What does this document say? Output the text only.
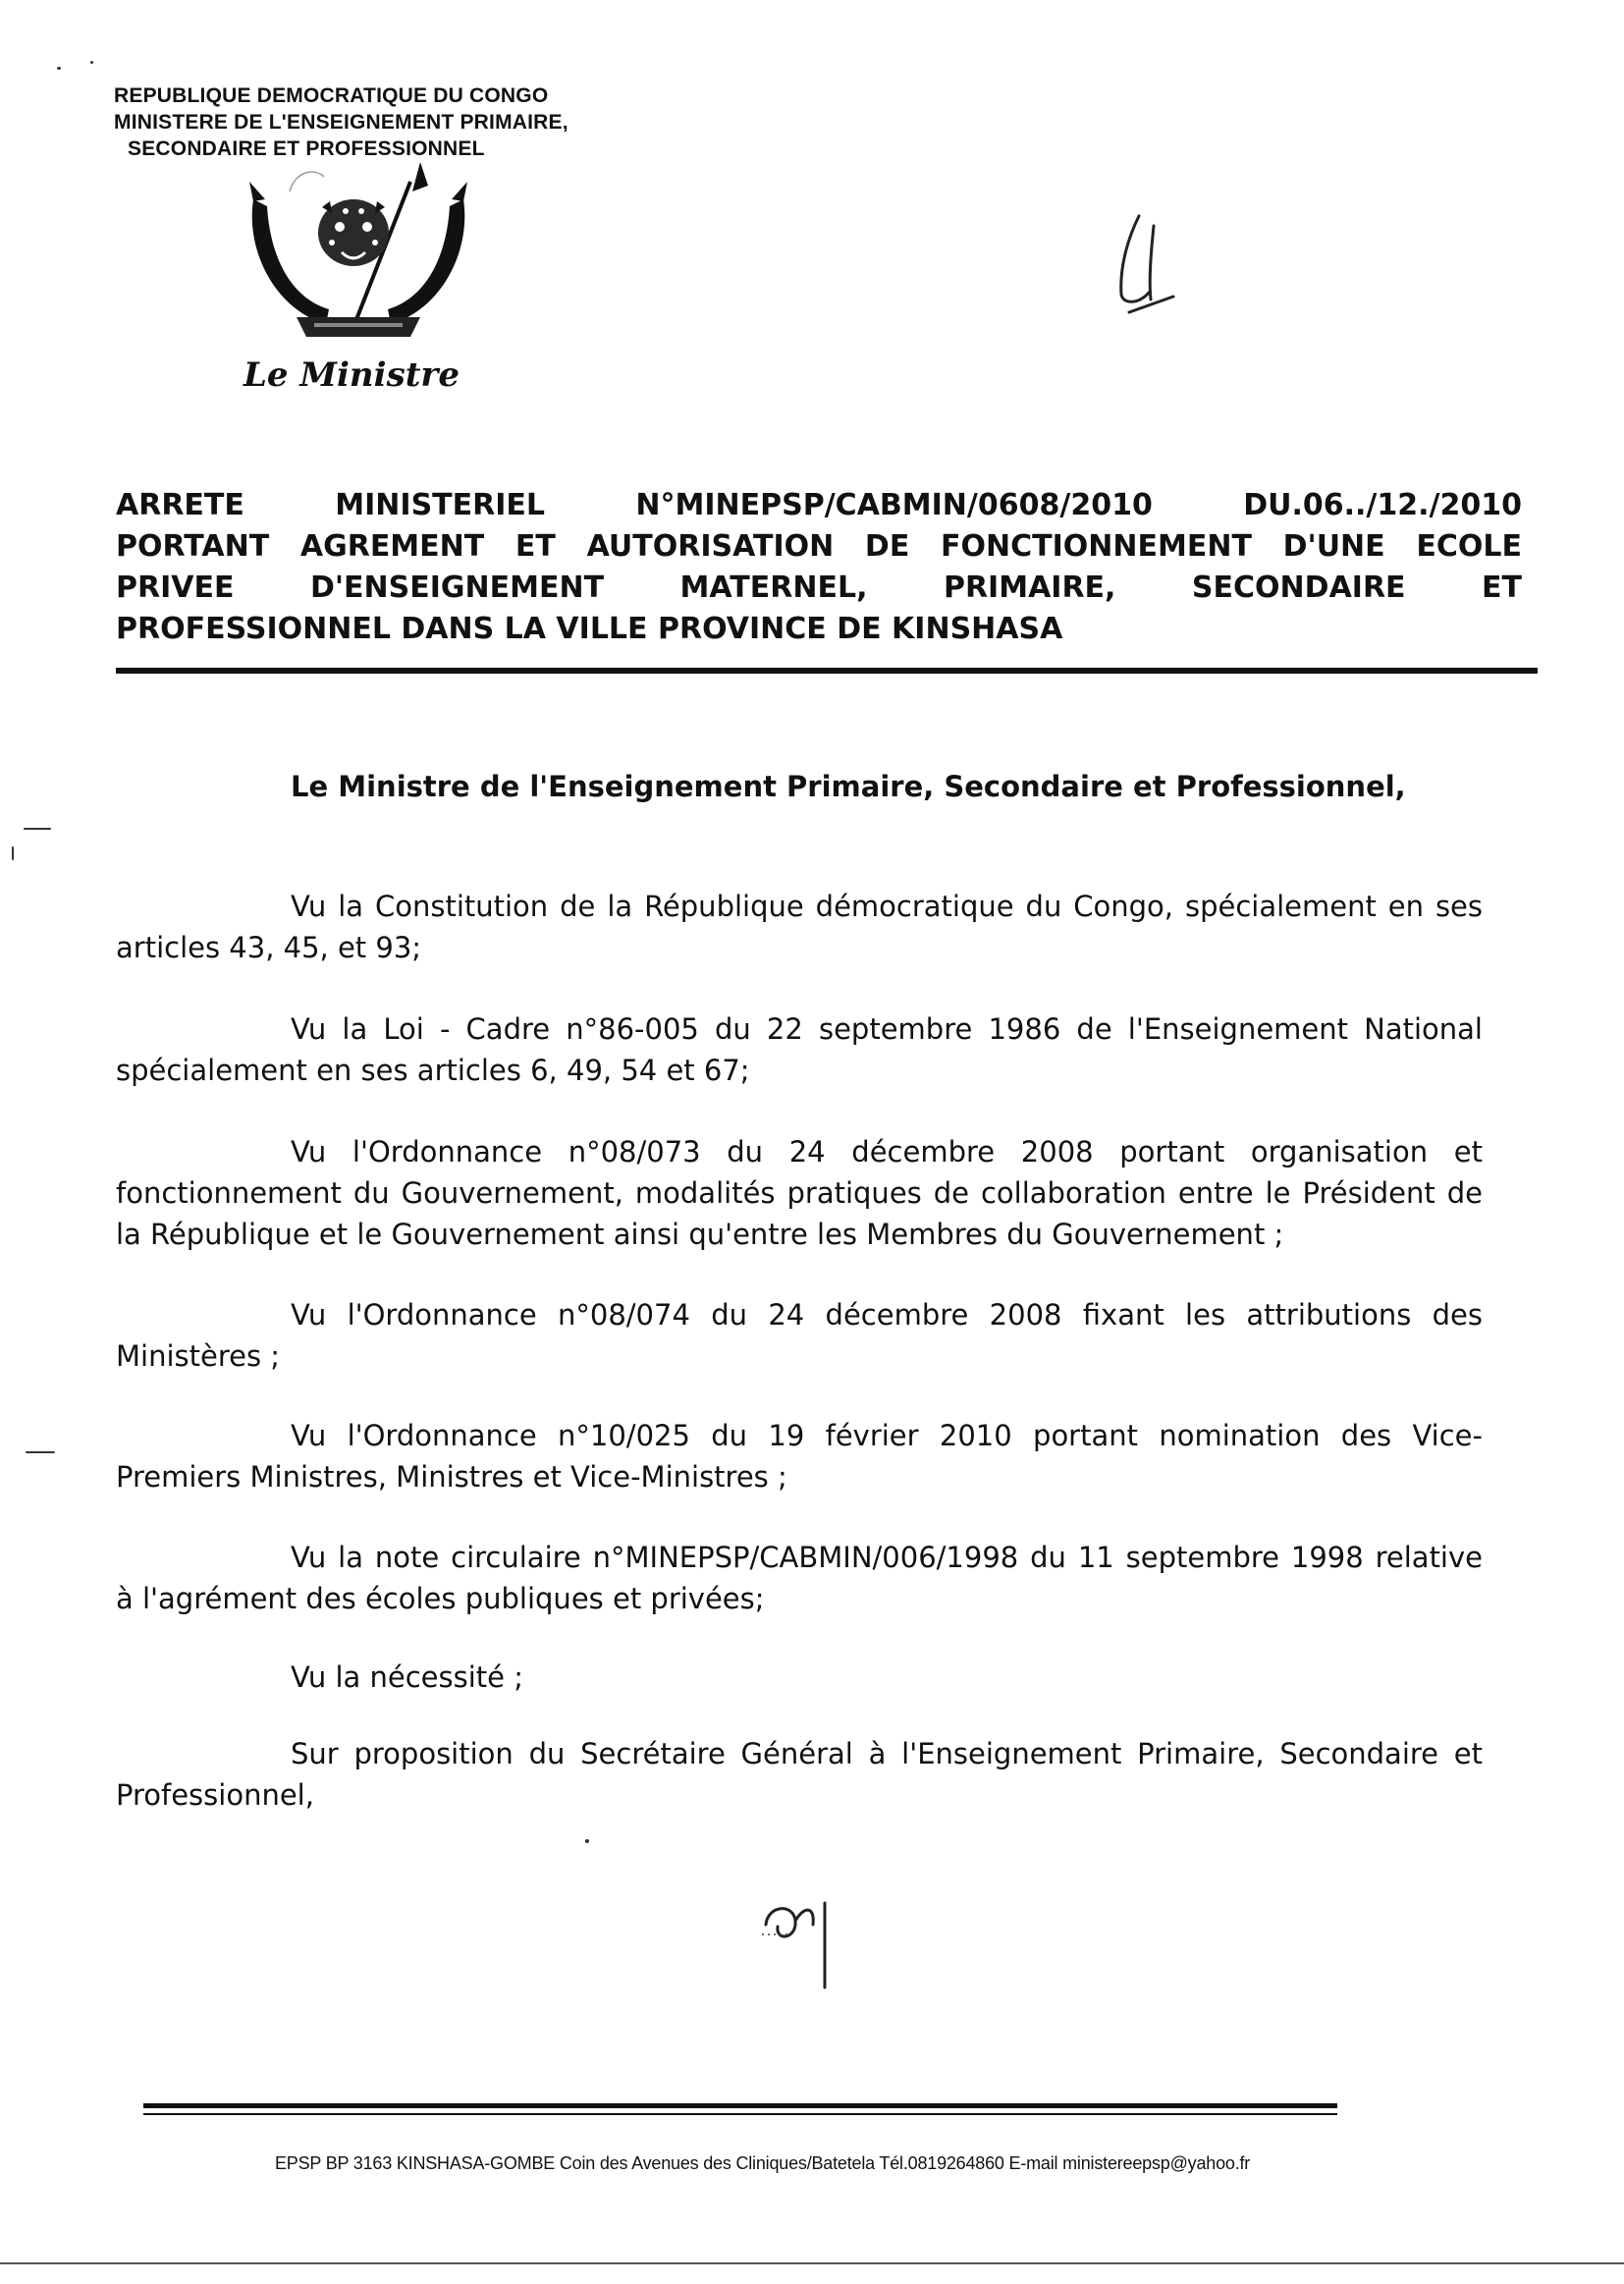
REPUBLIQUE DEMOCRATIQUE DU CONGO
MINISTERE DE L'ENSEIGNEMENT PRIMAIRE,
SECONDAIRE ET PROFESSIONNEL
Le Ministre
ARRETE	MINISTERIEL	N°MINEPSP/CABMIN/0608/2010	DU.06../12./2010
PORTANT AGREMENT ET AUTORISATION DE FONCTIONNEMENT D'UNE ECOLE
PRIVEE D'ENSEIGNEMENT MATERNEL, PRIMAIRE, SECONDAIRE ET
PROFESSIONNEL DANS LA VILLE PROVINCE DE KINSHASA
Le Ministre de l'Enseignement Primaire, Secondaire et Professionnel,

Vu la Constitution de la République démocratique du Congo, spécialement en ses articles 43, 45, et 93;

Vu la Loi - Cadre n°86-005 du 22 septembre 1986 de l'Enseignement National spécialement en ses articles 6, 49, 54 et 67;

Vu l'Ordonnance n°08/073 du 24 décembre 2008 portant organisation et fonctionnement du Gouvernement, modalités pratiques de collaboration entre le Président de la République et le Gouvernement ainsi qu'entre les Membres du Gouvernement ;

Vu l'Ordonnance n°08/074 du 24 décembre 2008 fixant les attributions des Ministères ;

Vu l'Ordonnance n°10/025 du 19 février 2010 portant nomination des Vice-Premiers Ministres, Ministres et Vice-Ministres ;

Vu la note circulaire n°MINEPSP/CABMIN/006/1998 du 11 septembre 1998 relative à l'agrément des écoles publiques et privées;

Vu la nécessité ;

Sur proposition du Secrétaire Général à l'Enseignement Primaire, Secondaire et Professionnel,

EPSP BP 3163 KINSHASA-GOMBE Coin des Avenues des Cliniques/Batetela Tél.0819264860 E-mail ministereepsp@yahoo.fr
